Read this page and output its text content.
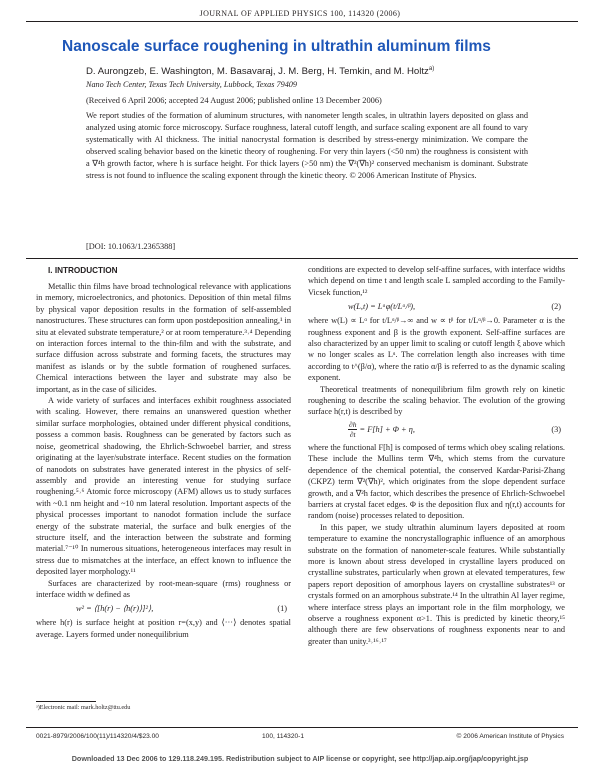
JOURNAL OF APPLIED PHYSICS 100, 114320 (2006)
Nanoscale surface roughening in ultrathin aluminum films
D. Aurongzeb, E. Washington, M. Basavaraj, J. M. Berg, H. Temkin, and M. Holtz$^{a)}$
Nano Tech Center, Texas Tech University, Lubbock, Texas 79409
(Received 6 April 2006; accepted 24 August 2006; published online 13 December 2006)
We report studies of the formation of aluminum structures, with nanometer length scales, in ultrathin layers deposited on glass and analyzed using atomic force microscopy. Surface roughness, lateral cutoff length, and surface scaling exponent are all found to vary systematically with Al thickness. The initial nanocrystal formation is described by stress-energy minimization. We compare the observed scaling behavior based on the kinetic theory of roughening. For very thin layers (<50 nm) the roughness is consistent with a ∇⁴h growth factor, where h is surface height. For thick layers (>50 nm) the ∇²(∇h)² conserved mechanism is dominant. Substrate stress is not found to influence the scaling exponent through the kinetic theory. © 2006 American Institute of Physics.
[DOI: 10.1063/1.2365388]
I. INTRODUCTION

Metallic thin films have broad technological relevance with applications in memory, microelectronics, and photonics. Deposition of thin metal films by physical vapor deposition results in the formation of self-assembled nanostructures. These structures can form upon postdeposition annealing,¹ in situ at elevated substrate temperature,² or at room temperature.³˒⁴ Depending on interaction forces internal to the thin-film and with the substrate, and surface diffusion across substrate and forming facets, the structures may manifest as islands or by the subtle formation of roughened surfaces. Chemical interactions between the layer and substrate may also be important, as in the case of silicides.

A wide variety of surfaces and interfaces exhibit roughness associated with scaling. However, there remains an unanswered question whether similar surface morphologies, obtained under different physical conditions, possess a common basis. Roughness can be generated by factors such as noise, geometrical shadowing, the Ehrlich-Schwoebel barrier, and stress originating at the layer/substrate interface. Recent studies on the formation of nanodots on substrates have generated interest in the physics of self-assembly and provide an interesting venue for studying surface roughening.⁵˒⁶ Atomic force microscopy (AFM) allows us to study surfaces with ~0.1 nm height and ~10 nm lateral resolution. Important aspects of the physical processes important to nanodot formation include the surface energy of the substrate material, the surface and bulk energies of the structure itself, and the interaction between the substrate and forming material.⁷⁻¹⁰ In numerous situations, heterogeneous interfaces may result in stress due to mismatches at the interface, an effect known to influence the deposited layer morphology.¹¹

Surfaces are characterized by root-mean-square (rms) roughness or interface width w defined as

w² = ⟨[h(r) − ⟨h(r)⟩]²⟩,	(1)

where h(r) is surface height at position r=(x,y) and ⟨···⟩ denotes spatial average. Layers formed under nonequilibrium

conditions are expected to develop self-affine surfaces, with interface widths which depend on time t and length scale L sampled according to the Family-Vicsek function,¹²

w(L,t) = Lᵅφ(t/Lᵅ/ᵝ),	(2)

where w(L) ∝ Lᵅ for t/Lᵅ/ᵝ→∞ and w ∝ tᵝ for t/Lᵅ/ᵝ→0. Parameter α is the roughness exponent and β is the growth exponent. Self-affine surfaces are also characterized by an upper limit to scaling or cutoff length ξ above which w no longer scales as Lᵅ. The correlation length also increases with time according to t^(β/α), where the ratio α/β is referred to as the dynamic scaling exponent.

Theoretical treatments of nonequilibrium film growth rely on kinetic roughening to describe the scaling behavior. The evolution of the growing surface h(r,t) is described by

$\frac{\partial h}{\partial t} = F[h] + \Phi + \eta$,	(3)

where the functional F[h] is composed of terms which obey scaling relations. These include the Mullins term ∇⁴h, which stems from the curvature dependence of the chemical potential, the conserved Kardar-Parisi-Zhang (CKPZ) term ∇²(∇h)², which originates from the slope dependent surface growth, and a ∇²h factor, which describes the presence of Ehrlich-Schwoebel barriers at crystal facet edges. Φ is the deposition flux and η(r,t) accounts for random (noise) processes related to deposition.

In this paper, we study ultrathin aluminum layers deposited at room temperature to examine the noncrystallographic influence of an amorphous substrate on the formation of nanometer-scale features. While substantially more is known about stress developed in crystalline layers produced on crystalline substrates, particularly when grown at elevated temperatures, few papers report deposition of amorphous layers on crystalline substrates¹³ or crystals formed on an amorphous substrate.¹⁴ In the ultrathin Al layer regime, where interface stress plays an important role in the film morphology, we observe a roughness exponent α>1. This is predicted by kinetic theory,¹⁵ although there are few observations of roughness exponents near to and greater than unity.³˒¹⁶˒¹⁷

ᵃ)Electronic mail: mark.holtz@ttu.edu
0021-8979/2006/100(11)/114320/4/$23.00	100, 114320-1	© 2006 American Institute of Physics
Downloaded 13 Dec 2006 to 129.118.249.195. Redistribution subject to AIP license or copyright, see http://jap.aip.org/jap/copyright.jsp
